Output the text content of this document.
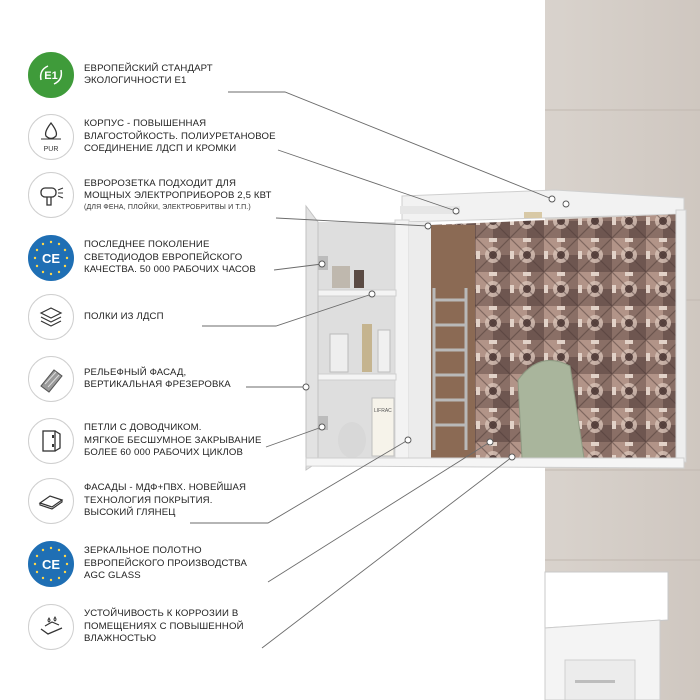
LIFRAC
E1
ЕВРОПЕЙСКИЙ СТАНДАРТ
ЭКОЛОГИЧНОСТИ E1
PUR
КОРПУС - ПОВЫШЕННАЯ
ВЛАГОСТОЙКОСТЬ. ПОЛИУРЕТАНОВОЕ
СОЕДИНЕНИЕ ЛДСП И КРОМКИ
ЕВРОРОЗЕТКА ПОДХОДИТ ДЛЯ
МОЩНЫХ ЭЛЕКТРОПРИБОРОВ 2,5 КВТ
(ДЛЯ ФЕНА, ПЛОЙКИ, ЭЛЕКТРОБРИТВЫ И Т.П.)
CE
ПОСЛЕДНЕЕ ПОКОЛЕНИЕ
СВЕТОДИОДОВ ЕВРОПЕЙСКОГО
КАЧЕСТВА. 50 000 РАБОЧИХ ЧАСОВ
ПОЛКИ ИЗ ЛДСП
РЕЛЬЕФНЫЙ ФАСАД,
ВЕРТИКАЛЬНАЯ ФРЕЗЕРОВКА
ПЕТЛИ С ДОВОДЧИКОМ.
МЯГКОЕ БЕСШУМНОЕ ЗАКРЫВАНИЕ
БОЛЕЕ 60 000 РАБОЧИХ ЦИКЛОВ
ФАСАДЫ - МДФ+ПВХ. НОВЕЙШАЯ
ТЕХНОЛОГИЯ ПОКРЫТИЯ.
ВЫСОКИЙ ГЛЯНЕЦ
CE
ЗЕРКАЛЬНОЕ ПОЛОТНО
ЕВРОПЕЙСКОГО ПРОИЗВОДСТВА
AGC GLASS
УСТОЙЧИВОСТЬ К КОРРОЗИИ В
ПОМЕЩЕНИЯХ С ПОВЫШЕННОЙ
ВЛАЖНОСТЬЮ
